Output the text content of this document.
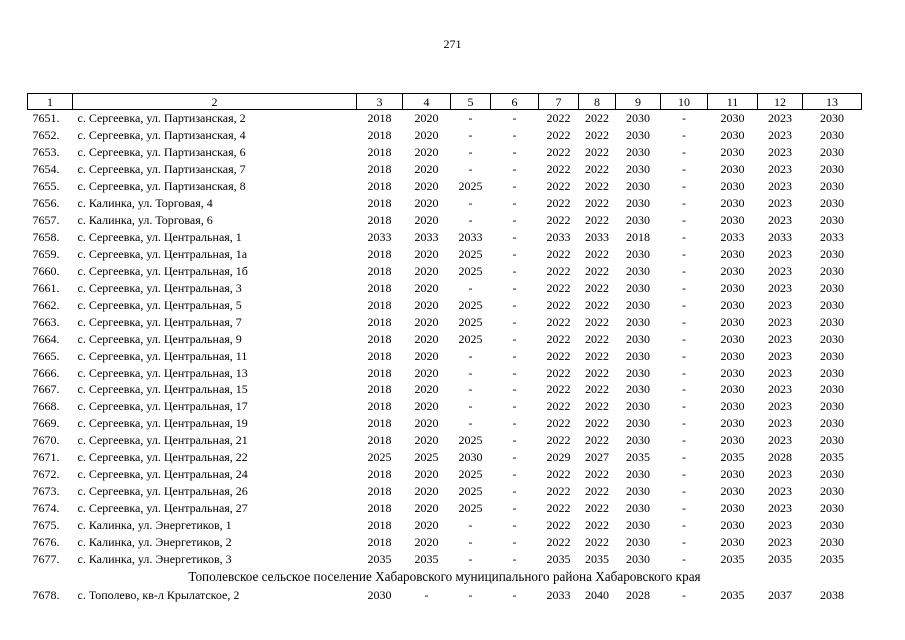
271
1	2	3	4	5	6	7	8	9	10	11	12	13
7651.	с. Сергеевка, ул. Партизанская, 2	2018	2020	-	-	2022	2022	2030	-	2030	2023	2030
7652.	с. Сергеевка, ул. Партизанская, 4	2018	2020	-	-	2022	2022	2030	-	2030	2023	2030
7653.	с. Сергеевка, ул. Партизанская, 6	2018	2020	-	-	2022	2022	2030	-	2030	2023	2030
7654.	с. Сергеевка, ул. Партизанская, 7	2018	2020	-	-	2022	2022	2030	-	2030	2023	2030
7655.	с. Сергеевка, ул. Партизанская, 8	2018	2020	2025	-	2022	2022	2030	-	2030	2023	2030
7656.	с. Калинка, ул. Торговая, 4	2018	2020	-	-	2022	2022	2030	-	2030	2023	2030
7657.	с. Калинка, ул. Торговая, 6	2018	2020	-	-	2022	2022	2030	-	2030	2023	2030
7658.	с. Сергеевка, ул. Центральная, 1	2033	2033	2033	-	2033	2033	2018	-	2033	2033	2033
7659.	с. Сергеевка, ул. Центральная, 1а	2018	2020	2025	-	2022	2022	2030	-	2030	2023	2030
7660.	с. Сергеевка, ул. Центральная, 1б	2018	2020	2025	-	2022	2022	2030	-	2030	2023	2030
7661.	с. Сергеевка, ул. Центральная, 3	2018	2020	-	-	2022	2022	2030	-	2030	2023	2030
7662.	с. Сергеевка, ул. Центральная, 5	2018	2020	2025	-	2022	2022	2030	-	2030	2023	2030
7663.	с. Сергеевка, ул. Центральная, 7	2018	2020	2025	-	2022	2022	2030	-	2030	2023	2030
7664.	с. Сергеевка, ул. Центральная, 9	2018	2020	2025	-	2022	2022	2030	-	2030	2023	2030
7665.	с. Сергеевка, ул. Центральная, 11	2018	2020	-	-	2022	2022	2030	-	2030	2023	2030
7666.	с. Сергеевка, ул. Центральная, 13	2018	2020	-	-	2022	2022	2030	-	2030	2023	2030
7667.	с. Сергеевка, ул. Центральная, 15	2018	2020	-	-	2022	2022	2030	-	2030	2023	2030
7668.	с. Сергеевка, ул. Центральная, 17	2018	2020	-	-	2022	2022	2030	-	2030	2023	2030
7669.	с. Сергеевка, ул. Центральная, 19	2018	2020	-	-	2022	2022	2030	-	2030	2023	2030
7670.	с. Сергеевка, ул. Центральная, 21	2018	2020	2025	-	2022	2022	2030	-	2030	2023	2030
7671.	с. Сергеевка, ул. Центральная, 22	2025	2025	2030	-	2029	2027	2035	-	2035	2028	2035
7672.	с. Сергеевка, ул. Центральная, 24	2018	2020	2025	-	2022	2022	2030	-	2030	2023	2030
7673.	с. Сергеевка, ул. Центральная, 26	2018	2020	2025	-	2022	2022	2030	-	2030	2023	2030
7674.	с. Сергеевка, ул. Центральная, 27	2018	2020	2025	-	2022	2022	2030	-	2030	2023	2030
7675.	с. Калинка, ул. Энергетиков, 1	2018	2020	-	-	2022	2022	2030	-	2030	2023	2030
7676.	с. Калинка, ул. Энергетиков, 2	2018	2020	-	-	2022	2022	2030	-	2030	2023	2030
7677.	с. Калинка, ул. Энергетиков, 3	2035	2035	-	-	2035	2035	2030	-	2035	2035	2035
Тополевское сельское поселение Хабаровского муниципального района Хабаровского края												
7678.	с. Тополево, кв-л Крылатское, 2	2030	-	-	-	2033	2040	2028	-	2035	2037	2038
